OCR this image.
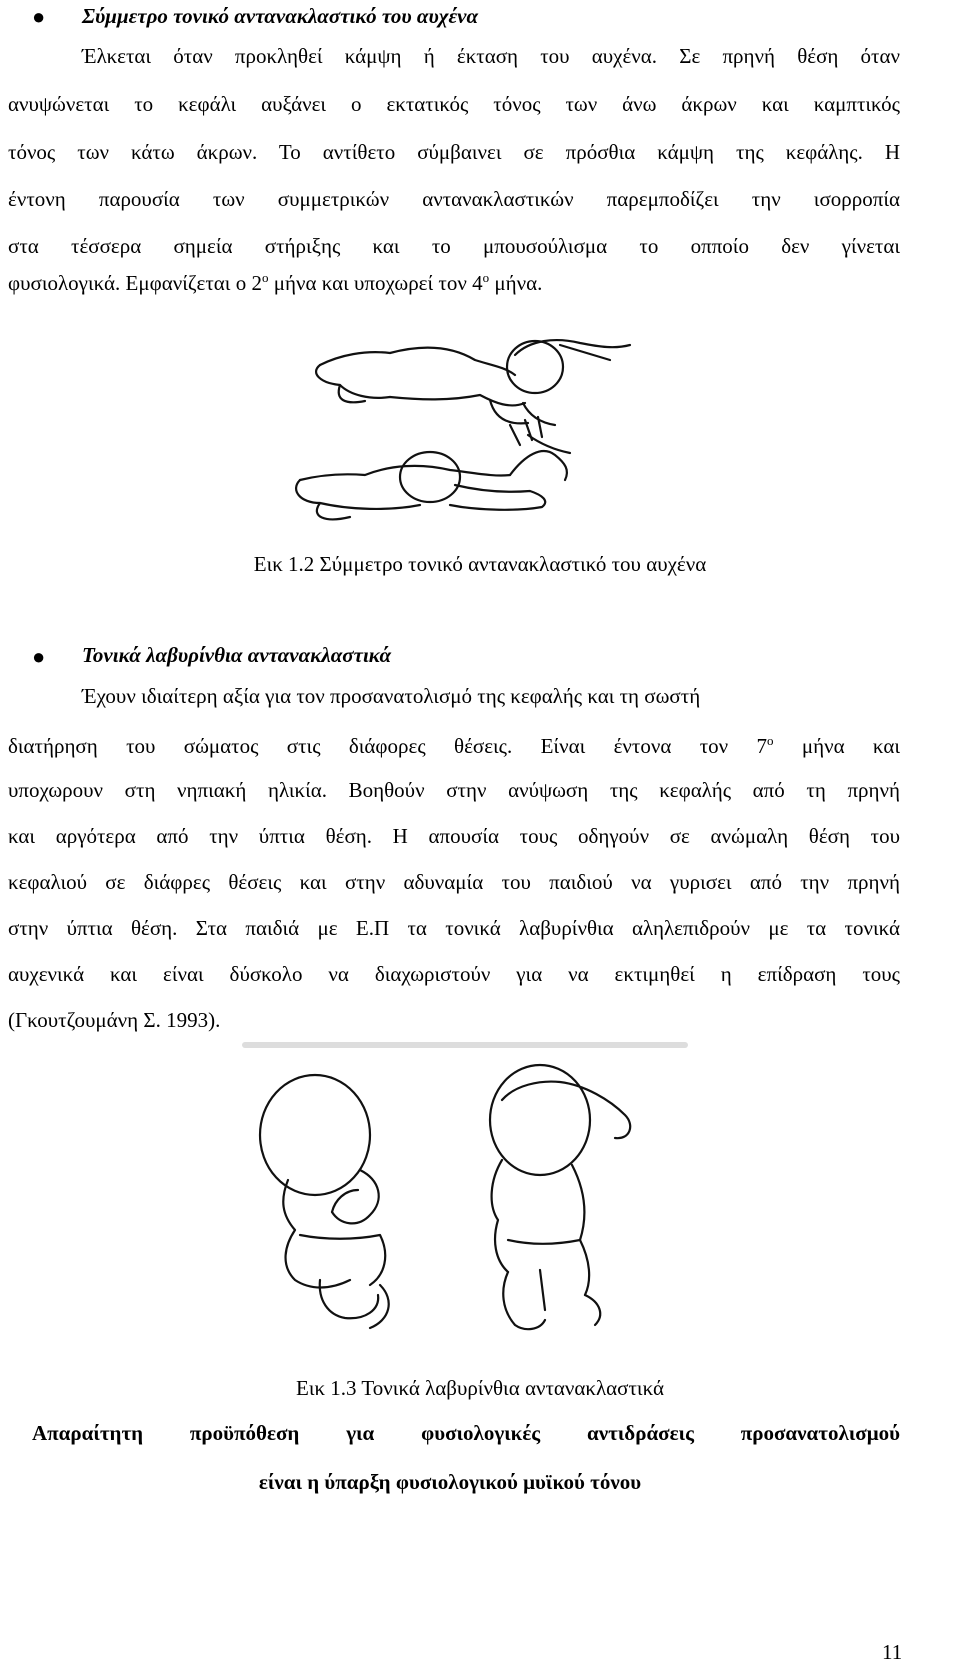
● Σύμμετρο τονικό αντανακλαστικό του αυχένα
Έλκεται όταν προκληθεί κάμψη ή έκταση του αυχένα. Σε πρηνή θέση όταν
ανυψώνεται το κεφάλι αυξάνει ο εκτατικός τόνος των άνω άκρων και καμπτικός
τόνος των κάτω άκρων. Το αντίθετο σύμβαινει σε πρόσθια κάμψη της κεφάλης. Η
έντονη παρουσία των συμμετρικών αντανακλαστικών παρεμποδίζει την ισορροπία
στα τέσσερα σημεία στήριξης και το μπουσούλισμα το οπποίο δεν γίνεται
φυσιολογικά. Εμφανίζεται ο $2^o$ μήνα και υποχωρεί τον $4^o$ μήνα.
Εικ 1.2 Σύμμετρο τονικό αντανακλαστικό του αυχένα
● Τονικά λαβυρίνθια αντανακλαστικά
Έχουν ιδιαίτερη αξία για τον προσανατολισμό της κεφαλής και τη σωστή
διατήρηση του σώματος στις διάφορες θέσεις. Είναι έντονα τον $7^o$ μήνα και
υποχωρουν στη νηπιακή ηλικία. Βοηθούν στην ανύψωση της κεφαλής από τη πρηνή
και αργότερα από την ύπτια θέση. Η απουσία τους οδηγούν σε ανώμαλη θέση του
κεφαλιού σε διάφρες θέσεις και στην αδυναμία του παιδιού να γυρισει από την πρηνή
στην ύπτια θέση. Στα παιδιά με Ε.Π τα τονικά λαβυρίνθια αληλεπιδρούν με τα τονικά
αυχενικά και είναι δύσκολο να διαχωριστούν για να εκτιμηθεί η επίδραση τους
(Γκουτζουμάνη Σ. 1993).
Εικ 1.3 Τονικά λαβυρίνθια αντανακλαστικά
Απαραίτητη προϋπόθεση για φυσιολογικές αντιδράσεις προσανατολισμού
είναι η ύπαρξη φυσιολογικού μυϊκού τόνου
11
